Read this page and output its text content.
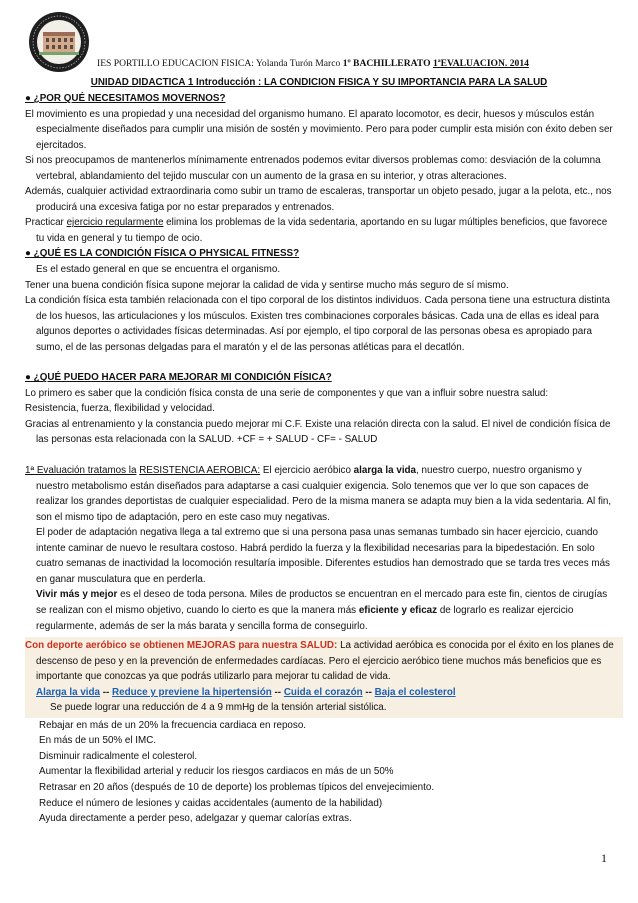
IES PORTILLO EDUCACION FISICA: Yolanda Turón Marco 1º BACHILLERATO 1ªEVALUACION. 2014
UNIDAD DIDACTICA 1 Introducción : LA CONDICION FISICA Y SU IMPORTANCIA PARA LA SALUD

● ¿POR QUÉ NECESITAMOS MOVERNOS?

El movimiento es una propiedad y una necesidad del organismo humano. El aparato locomotor, es decir, huesos y músculos están especialmente diseñados para cumplir una misión de sostén y movimiento. Pero para poder cumplir esta misión con éxito deben ser ejercitados.

Si nos preocupamos de mantenerlos mínimamente entrenados podemos evitar diversos problemas como: desviación de la columna vertebral, ablandamiento del tejido muscular con un aumento de la grasa en su interior, y otras alteraciones.

Además, cualquier actividad extraordinaria como subir un tramo de escaleras, transportar un objeto pesado, jugar a la pelota, etc., nos producirá una excesiva fatiga por no estar preparados y entrenados.

Practicar ejercicio regularmente elimina los problemas de la vida sedentaria, aportando en su lugar múltiples beneficios, que favorece tu vida en general y tu tiempo de ocio.

● ¿QUÉ ES LA CONDICIÓN FÍSICA O PHYSICAL FITNESS?

Es el estado general en que se encuentra el organismo.

Tener una buena condición física supone mejorar la calidad de vida y sentirse mucho más seguro de sí mismo.

La condición física esta también relacionada con el tipo corporal de los distintos individuos. Cada persona tiene una estructura distinta de los huesos, las articulaciones y los músculos. Existen tres combinaciones corporales básicas. Cada una de ellas es ideal para algunos deportes o actividades físicas determinadas. Así por ejemplo, el tipo corporal de las personas obesa es apropiado para sumo, el de las personas delgadas para el maratón y el de las personas atléticas para el decatlón.

● ¿QUÉ PUEDO HACER PARA MEJORAR MI CONDICIÓN FÍSICA?

Lo primero es saber que la condición física consta de una serie de componentes y que van a influir sobre nuestra salud:

Resistencia, fuerza, flexibilidad y velocidad.

Gracias al entrenamiento y la constancia puedo mejorar mi C.F. Existe una relación directa con la salud. El nivel de condición física de las personas esta relacionada con la SALUD. +CF = + SALUD - CF= - SALUD

1ª Evaluación tratamos la RESISTENCIA AEROBICA: El ejercicio aeróbico alarga la vida, nuestro cuerpo, nuestro organismo y nuestro metabolismo están diseñados para adaptarse a casi cualquier exigencia. Solo tenemos que ver lo que son capaces de realizar los grandes deportistas de cualquier especialidad. Pero de la misma manera se adapta muy bien a la vida sedentaria. Al fin, son el mismo tipo de adaptación, pero en este caso muy negativas.

El poder de adaptación negativa llega a tal extremo que si una persona pasa unas semanas tumbado sin hacer ejercicio, cuando intente caminar de nuevo le resultara costoso. Habrá perdido la fuerza y la flexibilidad necesarias para la bipedestación. En solo cuatro semanas de inactividad la locomoción resultaría imposible. Diferentes estudios han demostrado que se tarda tres veces más en ganar musculatura que en perderla.

Vivir más y mejor es el deseo de toda persona. Miles de productos se encuentran en el mercado para este fin, cientos de cirugías se realizan con el mismo objetivo, cuando lo cierto es que la manera más eficiente y eficaz de lograrlo es realizar ejercicio regularmente, además de ser la más barata y sencilla forma de conseguirlo.

Con deporte aeróbico se obtienen MEJORAS para nuestra SALUD: La actividad aeróbica es conocida por el éxito en los planes de descenso de peso y en la prevención de enfermedades cardíacas. Pero el ejercicio aeróbico tiene muchos más beneficios que es importante que conozcas ya que podrás utilizarlo para mejorar tu calidad de vida.

Alarga la vida -- Reduce y previene la hipertensión -- Cuida el corazón -- Baja el colesterol
Se puede lograr una reducción de 4 a 9 mmHg de la tensión arterial sistólica.
Rebajar en más de un 20% la frecuencia cardiaca en reposo.
En más de un 50% el IMC.
Disminuir radicalmente el colesterol.
Aumentar la flexibilidad arterial y reducir los riesgos cardiacos en más de un 50%
Retrasar en 20 años (después de 10 de deporte) los problemas típicos del envejecimiento.
Reduce el número de lesiones y caidas accidentales (aumento de la habilidad)
Ayuda directamente a perder peso, adelgazar y quemar calorías extras.
1
